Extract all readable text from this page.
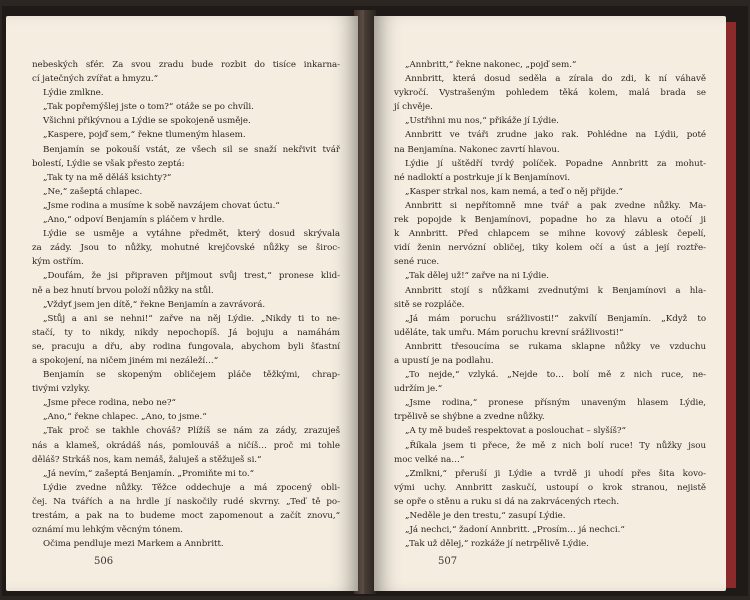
nebeských sfér. Za svou zradu bude rozbit do tisíce inkarna-
cí jatečných zvířat a hmyzu.“
Lýdie zmlkne.
„Tak popřemýšlej jste o tom?“ otáže se po chvíli.
Všichni přikývnou a Lýdie se spokojeně usměje.
„Kaspere, pojď sem,“ řekne tlumeným hlasem.
Benjamín se pokouší vstát, ze všech sil se snaží nekřivit tvář
bolestí, Lýdie se však přesto zeptá:
„Tak ty na mě děláš ksichty?“
„Ne,“ zašeptá chlapec.
„Jsme rodina a musíme k sobě navzájem chovat úctu.“
„Ano,“ odpoví Benjamín s pláčem v hrdle.
Lýdie se usměje a vytáhne předmět, který dosud skrývala
za zády. Jsou to nůžky, mohutné krejčovské nůžky se široc-
kým ostřím.
„Doufám, že jsi připraven přijmout svůj trest,“ pronese klid-
ně a bez hnutí brvou položí nůžky na stůl.
„Vždyť jsem jen dítě,“ řekne Benjamín a zavrávorá.
„Stůj a ani se nehni!“ zařve na něj Lýdie. „Nikdy ti to ne-
stačí, ty to nikdy, nikdy nepochopíš. Já bojuju a namáhám
se, pracuju a dřu, aby rodina fungovala, abychom byli šťastní
a spokojení, na ničem jiném mi nezáleží…“
Benjamín se skopeným obličejem pláče těžkými, chrap-
tivými vzlyky.
„Jsme přece rodina, nebo ne?“
„Ano,“ řekne chlapec. „Ano, to jsme.“
„Tak proč se takhle chováš? Plížíš se nám za zády, zrazuješ
nás a klameš, okrádáš nás, pomlouváš a ničíš… proč mi tohle
děláš? Strkáš nos, kam nemáš, žaluješ a stěžuješ si.“
„Já nevím,“ zašeptá Benjamín. „Promiňte mi to.“
Lýdie zvedne nůžky. Těžce oddechuje a má zpocený obli-
čej. Na tvářích a na hrdle jí naskočily rudé skvrny. „Teď tě po-
trestám, a pak na to budeme moct zapomenout a začít znovu,“
oznámí mu lehkým věcným tónem.
Očima pendluje mezi Markem a Annbritt.
506
„Annbritt,“ řekne nakonec, „pojď sem.“
Annbritt, která dosud seděla a zírala do zdi, k ní váhavě
vykročí. Vystrašeným pohledem těká kolem, malá brada se
jí chvěje.
„Ustřihni mu nos,“ přikáže jí Lýdie.
Annbritt ve tváři zrudne jako rak. Pohlédne na Lýdii, poté
na Benjamína. Nakonec zavrtí hlavou.
Lýdie jí uštědří tvrdý políček. Popadne Annbritt za mohut-
né nadloktí a postrkuje jí k Benjamínovi.
„Kasper strkal nos, kam nemá, a teď o něj přijde.“
Annbritt si nepřítomně mne tvář a pak zvedne nůžky. Ma-
rek popojde k Benjamínovi, popadne ho za hlavu a otočí ji
k Annbritt. Před chlapcem se mihne kovový záblesk čepelí,
vidí ženin nervózní obličej, tiky kolem očí a úst a její roztře-
sené ruce.
„Tak dělej už!“ zařve na ni Lýdie.
Annbritt stojí s nůžkami zvednutými k Benjamínovi a hla-
sitě se rozpláče.
„Já mám poruchu srážlivosti!“ zakvílí Benjamín. „Když to
uděláte, tak umřu. Mám poruchu krevní srážlivosti!“
Annbritt třesoucíma se rukama sklapne nůžky ve vzduchu
a upustí je na podlahu.
„To nejde,“ vzlyká. „Nejde to… bolí mě z nich ruce, ne-
udržím je.“
„Jsme rodina,“ pronese přísným unaveným hlasem Lýdie,
trpělivě se shýbne a zvedne nůžky.
„A ty mě budeš respektovat a poslouchat – slyšíš?“
„Říkala jsem ti přece, že mě z nich bolí ruce! Ty nůžky jsou
moc velké na…“
„Zmlkni,“ přeruší ji Lýdie a tvrdě ji uhodí přes šita kovo-
vými uchy. Annbritt zaskučí, ustoupí o krok stranou, nejistě
se opře o stěnu a ruku si dá na zakrvácených rtech.
„Neděle je den trestu,“ zasupí Lýdie.
„Já nechci,“ žadoní Annbritt. „Prosím… já nechci.“
„Tak už dělej,“ rozkáže jí netrpělivě Lýdie.
507
